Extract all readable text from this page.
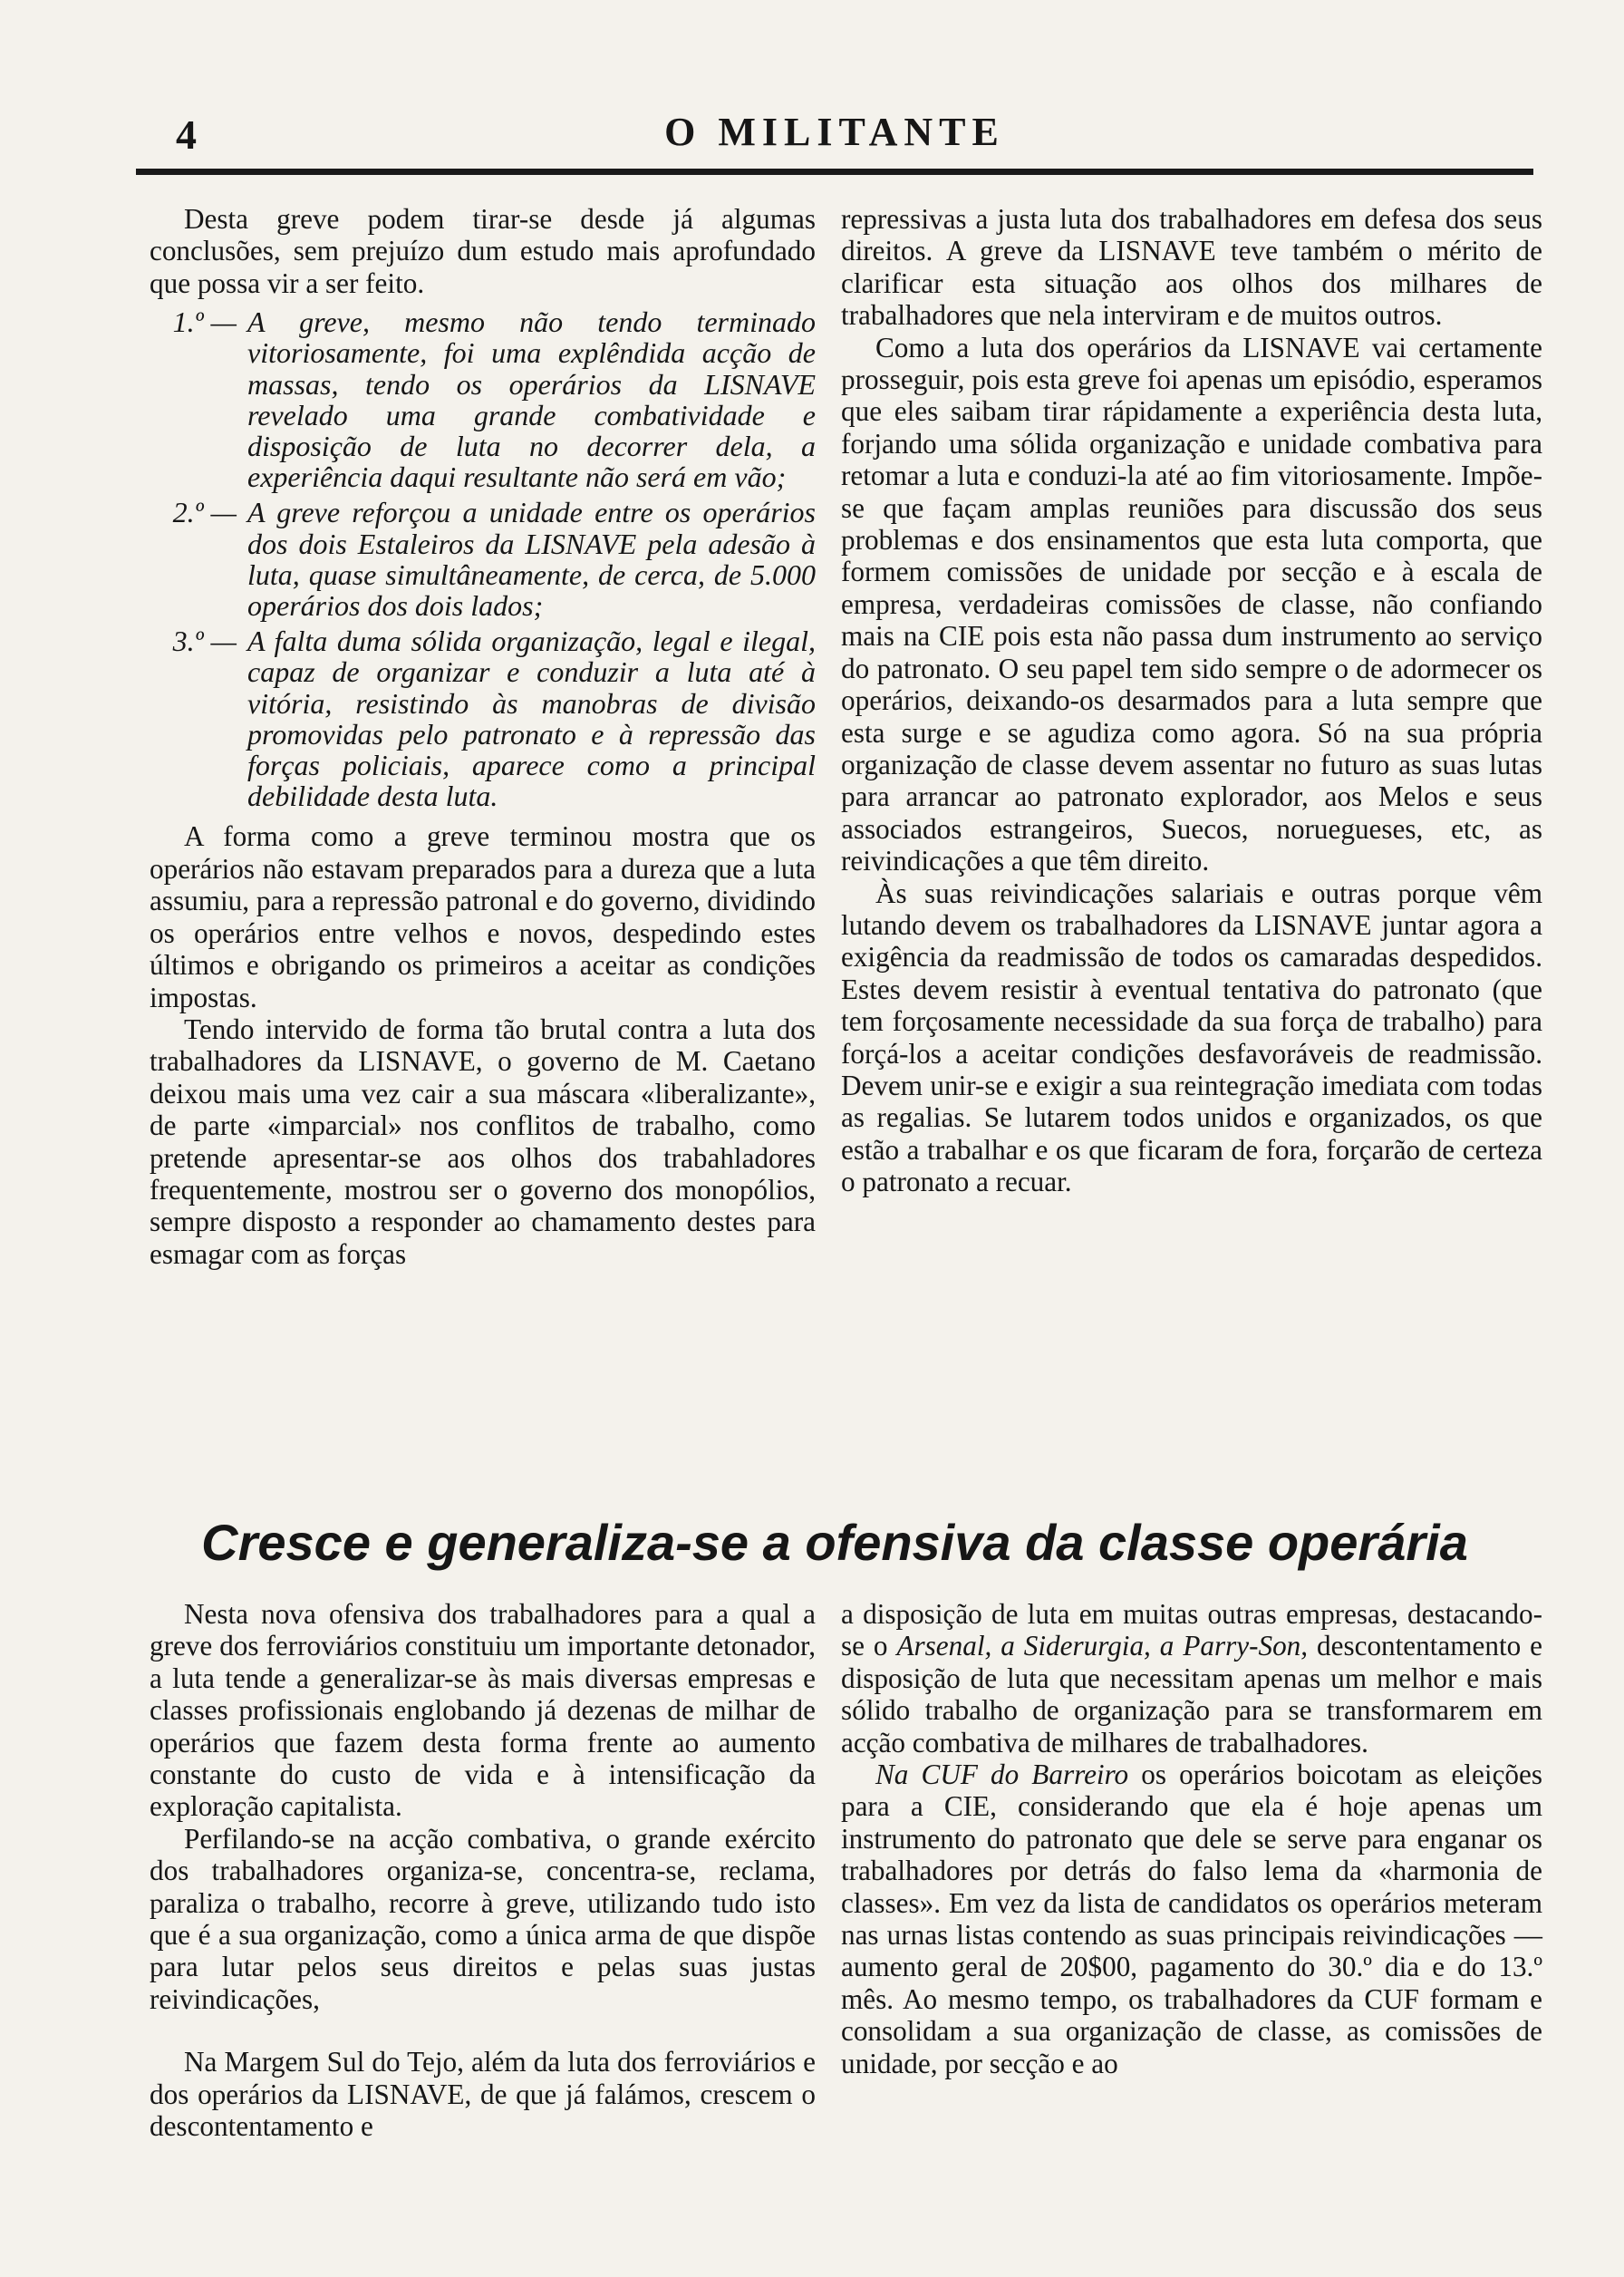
4	O MILITANTE

Desta greve podem tirar-se desde já algumas conclusões, sem prejuízo dum estudo mais aprofundado que possa vir a ser feito.

1.º — A greve, mesmo não tendo terminado vitoriosamente, foi uma explêndida acção de massas, tendo os operários da LISNAVE revelado uma grande combatividade e disposição de luta no decorrer dela, a experiência daqui resultante não será em vão;
2.º — A greve reforçou a unidade entre os operários dos dois Estaleiros da LISNAVE pela adesão à luta, quase simultâneamente, de cerca, de 5.000 operários dos dois lados;
3.º — A falta duma sólida organização, legal e ilegal, capaz de organizar e conduzir a luta até à vitória, resistindo às manobras de divisão promovidas pelo patronato e à repressão das forças policiais, aparece como a principal debilidade desta luta.

A forma como a greve terminou mostra que os operários não estavam preparados para a dureza que a luta assumiu, para a repressão patronal e do governo, dividindo os operários entre velhos e novos, despedindo estes últimos e obrigando os primeiros a aceitar as condições impostas.

Tendo intervido de forma tão brutal contra a luta dos trabalhadores da LISNAVE, o governo de M. Caetano deixou mais uma vez cair a sua máscara «liberalizante», de parte «imparcial» nos conflitos de trabalho, como pretende apresentar-se aos olhos dos trabahladores frequentemente, mostrou ser o governo dos monopólios, sempre disposto a responder ao chamamento destes para esmagar com as forças

repressivas a justa luta dos trabalhadores em defesa dos seus direitos. A greve da LISNAVE teve também o mérito de clarificar esta situação aos olhos dos milhares de trabalhadores que nela interviram e de muitos outros.

Como a luta dos operários da LISNAVE vai certamente prosseguir, pois esta greve foi apenas um episódio, esperamos que eles saibam tirar rápidamente a experiência desta luta, forjando uma sólida organização e unidade combativa para retomar a luta e conduzi-la até ao fim vitoriosamente. Impõe-se que façam amplas reuniões para discussão dos seus problemas e dos ensinamentos que esta luta comporta, que formem comissões de unidade por secção e à escala de empresa, verdadeiras comissões de classe, não confiando mais na CIE pois esta não passa dum instrumento ao serviço do patronato. O seu papel tem sido sempre o de adormecer os operários, deixando-os desarmados para a luta sempre que esta surge e se agudiza como agora. Só na sua própria organização de classe devem assentar no futuro as suas lutas para arrancar ao patronato explorador, aos Melos e seus associados estrangeiros, Suecos, noruegueses, etc, as reivindicações a que têm direito.

Às suas reivindicações salariais e outras porque vêm lutando devem os trabalhadores da LISNAVE juntar agora a exigência da readmissão de todos os camaradas despedidos. Estes devem resistir à eventual tentativa do patronato (que tem forçosamente necessidade da sua força de trabalho) para forçá-los a aceitar condições desfavoráveis de readmissão. Devem unir-se e exigir a sua reintegração imediata com todas as regalias. Se lutarem todos unidos e organizados, os que estão a trabalhar e os que ficaram de fora, forçarão de certeza o patronato a recuar.

Cresce e generaliza-se a ofensiva da classe operária

Nesta nova ofensiva dos trabalhadores para a qual a greve dos ferroviários constituiu um importante detonador, a luta tende a generalizar-se às mais diversas empresas e classes profissionais englobando já dezenas de milhar de operários que fazem desta forma frente ao aumento constante do custo de vida e à intensificação da exploração capitalista.

Perfilando-se na acção combativa, o grande exército dos trabalhadores organiza-se, concentra-se, reclama, paraliza o trabalho, recorre à greve, utilizando tudo isto que é a sua organização, como a única arma de que dispõe para lutar pelos seus direitos e pelas suas justas reivindicações,

Na Margem Sul do Tejo, além da luta dos ferroviários e dos operários da LISNAVE, de que já falámos, crescem o descontentamento e

a disposição de luta em muitas outras empresas, destacando-se o Arsenal, a Siderurgia, a Parry-Son, descontentamento e disposição de luta que necessitam apenas um melhor e mais sólido trabalho de organização para se transformarem em acção combativa de milhares de trabalhadores.

Na CUF do Barreiro os operários boicotam as eleições para a CIE, considerando que ela é hoje apenas um instrumento do patronato que dele se serve para enganar os trabalhadores por detrás do falso lema da «harmonia de classes». Em vez da lista de candidatos os operários meteram nas urnas listas contendo as suas principais reivindicações — aumento geral de 20$00, pagamento do 30.º dia e do 13.º mês. Ao mesmo tempo, os trabalhadores da CUF formam e consolidam a sua organização de classe, as comissões de unidade, por secção e ao
